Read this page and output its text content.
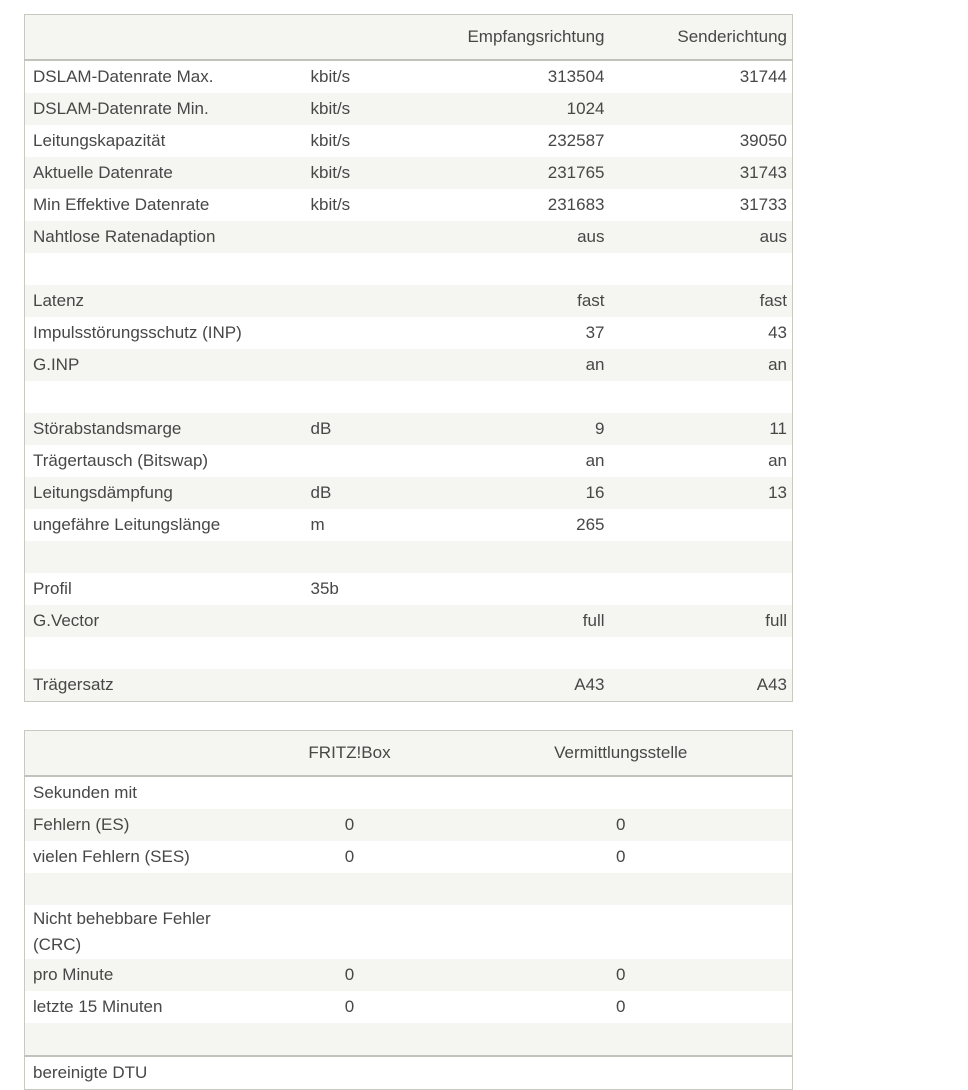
		Empfangsrichtung	Senderichtung
DSLAM-Datenrate Max.	kbit/s	313504	31744
DSLAM-Datenrate Min.	kbit/s	1024	
Leitungskapazität	kbit/s	232587	39050
Aktuelle Datenrate	kbit/s	231765	31743
Min Effektive Datenrate	kbit/s	231683	31733
Nahtlose Ratenadaption		aus	aus

Latenz		fast	fast
Impulsstörungsschutz (INP)		37	43
G.INP		an	an

Störabstandsmarge	dB	9	11
Trägertausch (Bitswap)		an	an
Leitungsdämpfung	dB	16	13
ungefähre Leitungslänge	m	265	

Profil	35b		
G.Vector		full	full

Trägersatz		A43	A43
	FRITZ!Box	Vermittlungsstelle
Sekunden mit		
Fehlern (ES)	0	0
vielen Fehlern (SES)	0	0

Nicht behebbare Fehler (CRC)		
pro Minute	0	0
letzte 15 Minuten	0	0

bereinigte DTU		
